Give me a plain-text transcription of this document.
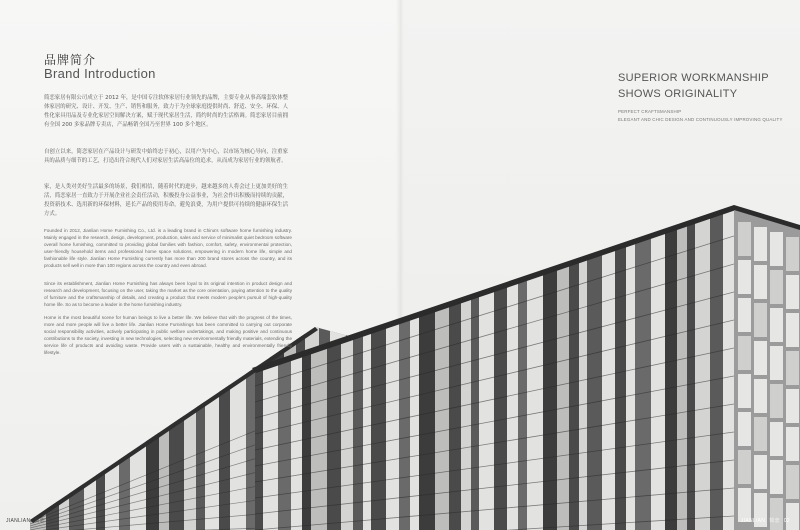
品牌简介
Brand Introduction
简恋家居有限公司成立于 2012 年，是中国专注软体家居行业领先的品牌，主要专业从事高端套软体整体家居的研究、设计、开发、生产、销售和服务，致力于为全球家庭提供时尚、舒适、安全、环保、人性化家具用品及专业化家居空间解决方案，赋于现代家居生活，简约时尚的生活格调。简恋家居目前拥有全国 200 多家品牌专卖店，产品畅销全国乃至世界 100 多个地区。
自创立以来，简恋家居在产品设计与研发中始终忠于初心，以用户为中心，以市场为核心导向，注重家具的品质与细节的工艺，打造出符合现代人们对家居生活高品位的追求，从而成为家居行业的领航者。
家，是人类对美好生活最多的场景，我们相信，随着时代的进步，越来越多的人将会过上更加美好的生活，简恋家居一直致力于开展企业社会责任活动，积极投身公益事业，为社会作出积极而持续的贡献，投资新技术、选用新的环保材料，延长产品的使用寿命，避免浪费，为用户提供可持续的健康环保生活方式。
Founded in 2012, Jianlian Home Furnishing Co., Ltd. is a leading brand in China's software home furnishing industry. Mainly engaged in the research, design, development, production, sales and service of minimalist quiet bedroom software overall home furnishing, committed to providing global families with fashion, comfort, safety, environmental protection, user-friendly household items and professional home space solutions, empowering in modern home life, simple and fashionable life style. Jianlian Home Furnishing currently has more than 200 brand stores across the country, and its products sell well in more than 100 regions across the country and even abroad.
Since its establishment, Jianlian Home Furnishing has always been loyal to its original intention in product design and research and development, focusing on the user, taking the market as the core orientation, paying attention to the quality of furniture and the craftsmanship of details, and creating a product that meets modern people's pursuit of high-quality home life. So as to become a leader in the home furnishing industry.
Home is the most beautiful scene for human beings to live a better life. We believe that with the progress of the times, more and more people will live a better life. Jianlian Home Furnishings has been committed to carrying out corporate social responsibility activities, actively participating in public welfare undertakings, and making positive and continuous contributions to the society, investing in new technologies, selecting new environmentally friendly materials, extending the service life of products and avoiding waste. Provide users with a sustainable, healthy and environmentally friendly lifestyle.
SUPERIOR WORKMANSHIP
SHOWS ORIGINALITY
PERFECT CRAFTSMANSHIP
ELEGANT AND CHIC DESIGN AND CONTINUOUSLY IMPROVING QUALITY
JIANLIAN 简恋 01	JIANLIAN 简恋 02
